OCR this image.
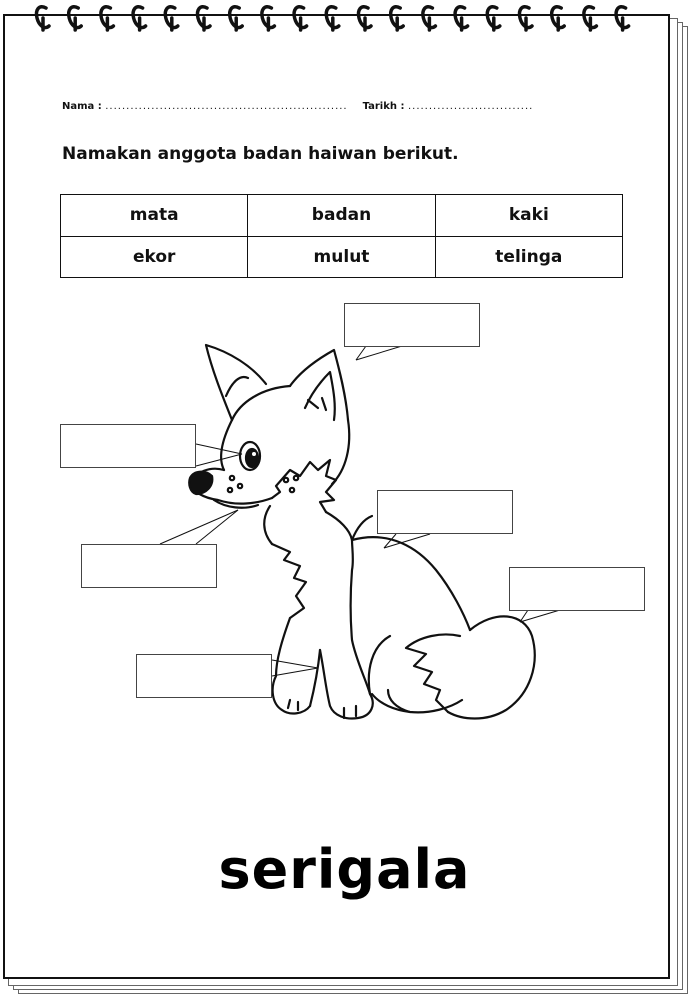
Nama : .......................................................... Tarikh : ..............................
Namakan anggota badan haiwan berikut.
mata	badan	kaki
ekor	mulut	telinga
serigala
